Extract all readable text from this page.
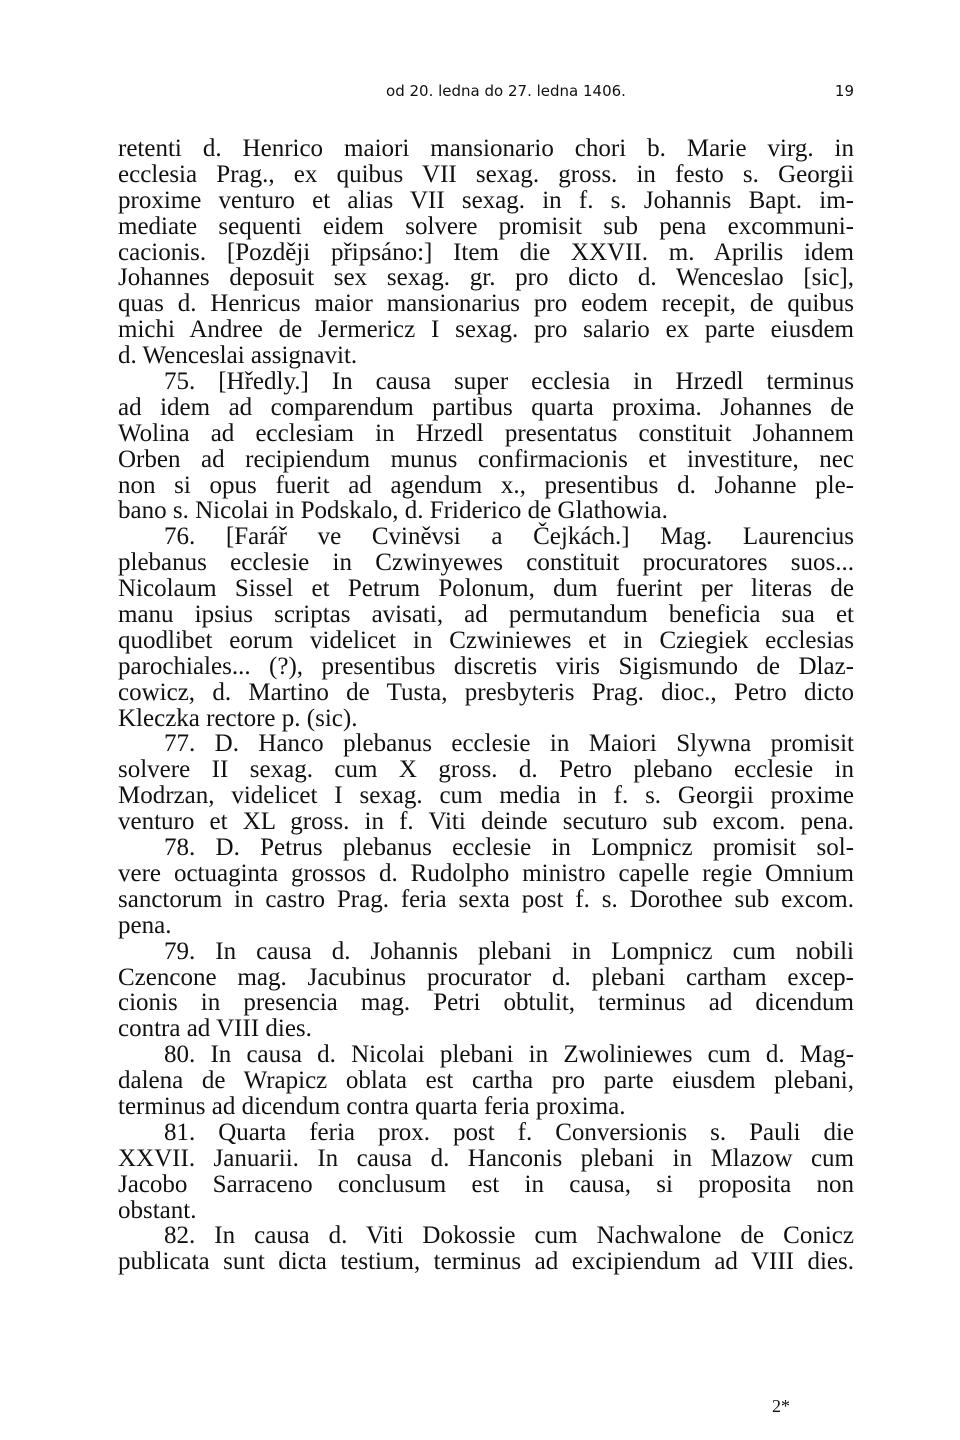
od 20. ledna do 27. ledna 1406.	19
retenti d. Henrico maiori mansionario chori b. Marie virg. in
ecclesia Prag., ex quibus VII sexag. gross. in festo s. Georgii
proxime venturo et alias VII sexag. in f. s. Johannis Bapt. im-
mediate sequenti eidem solvere promisit sub pena excommuni-
cacionis. [Později připsáno:] Item die XXVII. m. Aprilis idem
Johannes deposuit sex sexag. gr. pro dicto d. Wenceslao [sic],
quas d. Henricus maior mansionarius pro eodem recepit, de quibus
michi Andree de Jermericz I sexag. pro salario ex parte eiusdem
d. Wenceslai assignavit.
75. [Hředly.] In causa super ecclesia in Hrzedl terminus
ad idem ad comparendum partibus quarta proxima. Johannes de
Wolina ad ecclesiam in Hrzedl presentatus constituit Johannem
Orben ad recipiendum munus confirmacionis et investiture, nec
non si opus fuerit ad agendum x., presentibus d. Johanne ple-
bano s. Nicolai in Podskalo, d. Friderico de Glathowia.
76. [Farář ve Cviněvsi a Čejkách.] Mag. Laurencius
plebanus ecclesie in Czwinyewes constituit procuratores suos...
Nicolaum Sissel et Petrum Polonum, dum fuerint per literas de
manu ipsius scriptas avisati, ad permutandum beneficia sua et
quodlibet eorum videlicet in Czwiniewes et in Cziegiek ecclesias
parochiales... (?), presentibus discretis viris Sigismundo de Dlaz-
cowicz, d. Martino de Tusta, presbyteris Prag. dioc., Petro dicto
Kleczka rectore p. (sic).
77. D. Hanco plebanus ecclesie in Maiori Slywna promisit
solvere II sexag. cum X gross. d. Petro plebano ecclesie in
Modrzan, videlicet I sexag. cum media in f. s. Georgii proxime
venturo et XL gross. in f. Viti deinde secuturo sub excom. pena.
78. D. Petrus plebanus ecclesie in Lompnicz promisit sol-
vere octuaginta grossos d. Rudolpho ministro capelle regie Omnium
sanctorum in castro Prag. feria sexta post f. s. Dorothee sub excom.
pena.
79. In causa d. Johannis plebani in Lompnicz cum nobili
Czencone mag. Jacubinus procurator d. plebani cartham excep-
cionis in presencia mag. Petri obtulit, terminus ad dicendum
contra ad VIII dies.
80. In causa d. Nicolai plebani in Zwoliniewes cum d. Mag-
dalena de Wrapicz oblata est cartha pro parte eiusdem plebani,
terminus ad dicendum contra quarta feria proxima.
81. Quarta feria prox. post f. Conversionis s. Pauli die
XXVII. Januarii. In causa d. Hanconis plebani in Mlazow cum
Jacobo Sarraceno conclusum est in causa, si proposita non
obstant.
82. In causa d. Viti Dokossie cum Nachwalone de Conicz
publicata sunt dicta testium, terminus ad excipiendum ad VIII dies.
2*
